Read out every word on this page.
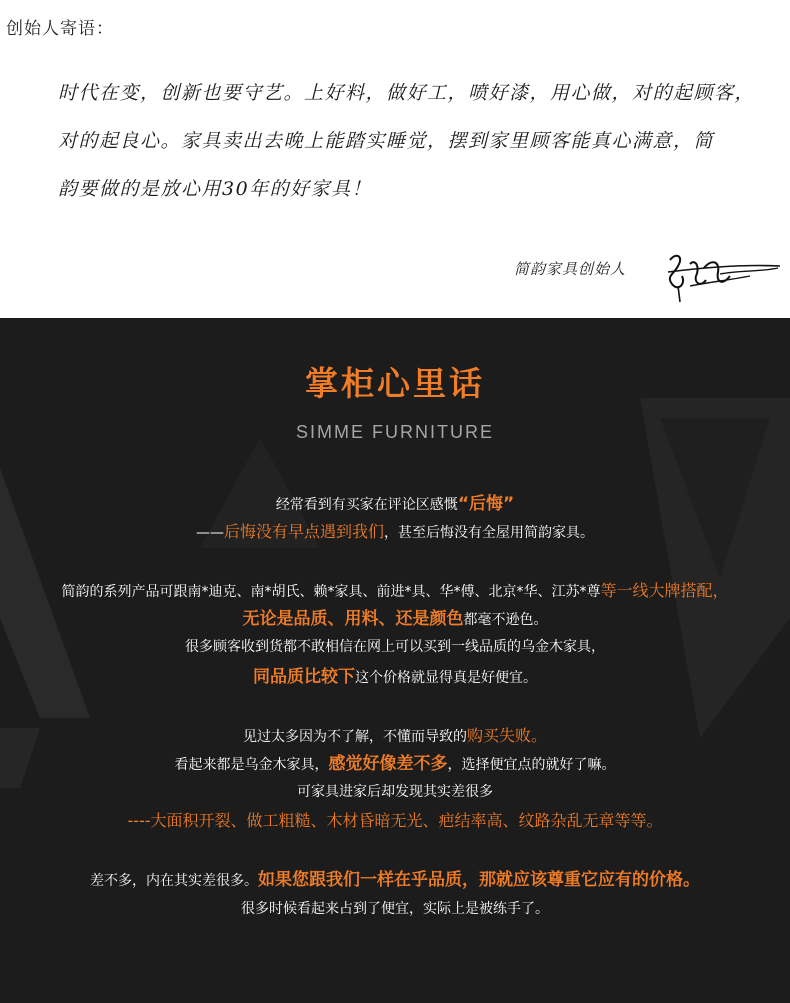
创始人寄语：
时代在变，创新也要守艺。上好料，做好工，喷好漆，用心做，对的起顾客，
对的起良心。家具卖出去晚上能踏实睡觉，摆到家里顾客能真心满意，简
韵要做的是放心用30年的好家具！
简韵家具创始人
掌柜心里话
SIMME FURNITURE
经常看到有买家在评论区感慨“后悔”
——后悔没有早点遇到我们，甚至后悔没有全屋用简韵家具。
简韵的系列产品可跟南*迪克、南*胡氏、赖*家具、前进*具、华*傅、北京*华、江苏*尊等一线大牌搭配，
无论是品质、用料、还是颜色都毫不逊色。
很多顾客收到货都不敢相信在网上可以买到一线品质的乌金木家具，
同品质比较下这个价格就显得真是好便宜。
见过太多因为不了解，不懂而导致的购买失败。
看起来都是乌金木家具，感觉好像差不多，选择便宜点的就好了嘛。
可家具进家后却发现其实差很多
----大面积开裂、做工粗糙、木材昏暗无光、疤结率高、纹路杂乱无章等等。
差不多，内在其实差很多。如果您跟我们一样在乎品质，那就应该尊重它应有的价格。
很多时候看起来占到了便宜，实际上是被练手了。
